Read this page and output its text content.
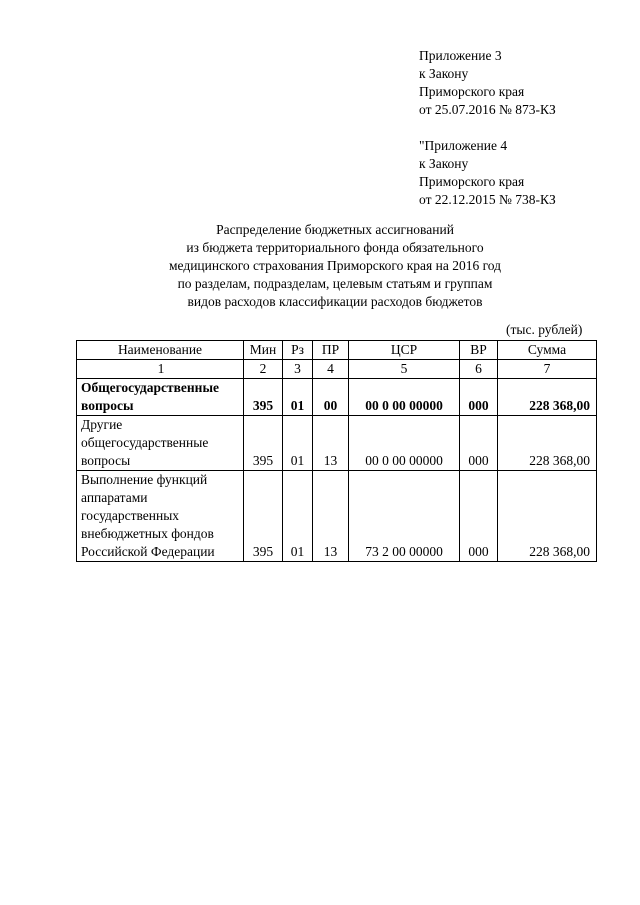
Приложение 3
к Закону
Приморского края
от 25.07.2016 № 873-КЗ
"Приложение 4
к Закону
Приморского края
от 22.12.2015 № 738-КЗ
Распределение бюджетных ассигнований
из бюджета территориального фонда обязательного
медицинского страхования Приморского края на 2016 год
по разделам, подразделам, целевым статьям и группам
видов расходов классификации расходов бюджетов
(тыс. рублей)
Наименование	Мин	Рз	ПР	ЦСР	ВР	Сумма
1	2	3	4	5	6	7

Общегосударственные
вопросы	395	01	00	00 0 00 00000	000	228 368,00

Другие
общегосударственные
вопросы	395	01	13	00 0 00 00000	000	228 368,00

Выполнение функций
аппаратами
государственных
внебюджетных фондов
Российской Федерации	395	01	13	73 2 00 00000	000	228 368,00
